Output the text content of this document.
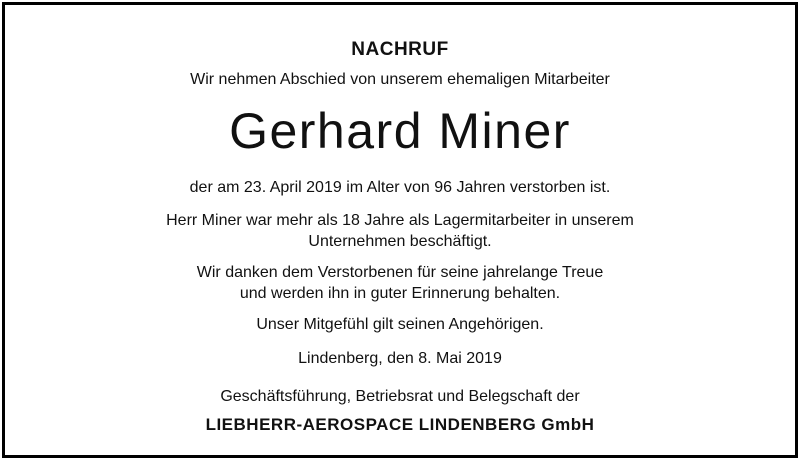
NACHRUF
Wir nehmen Abschied von unserem ehemaligen Mitarbeiter
Gerhard Miner
der am 23. April 2019 im Alter von 96 Jahren verstorben ist.
Herr Miner war mehr als 18 Jahre als Lagermitarbeiter in unserem
Unternehmen beschäftigt.
Wir danken dem Verstorbenen für seine jahrelange Treue
und werden ihn in guter Erinnerung behalten.
Unser Mitgefühl gilt seinen Angehörigen.
Lindenberg, den 8. Mai 2019
Geschäftsführung, Betriebsrat und Belegschaft der
LIEBHERR-AEROSPACE LINDENBERG GmbH
